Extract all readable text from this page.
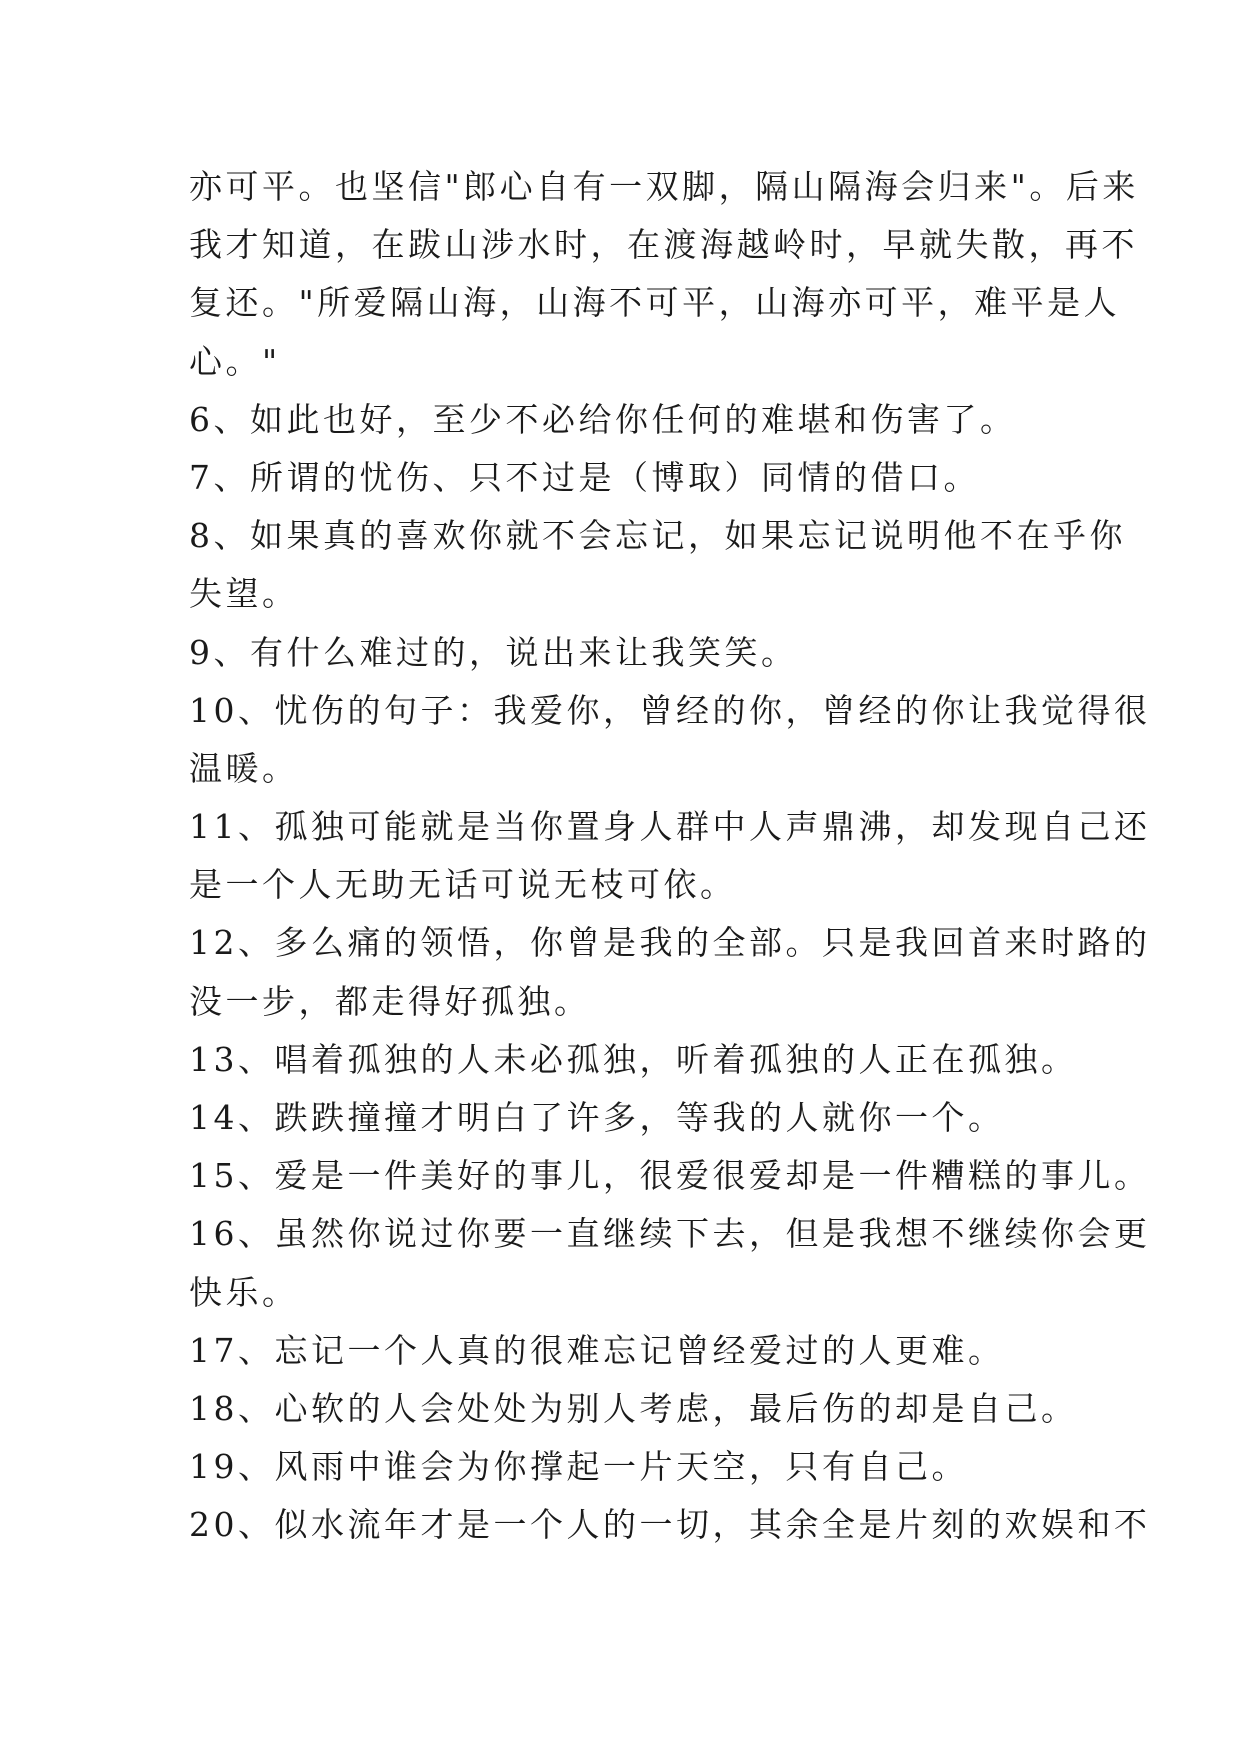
亦可平。也坚信"郎心自有一双脚，隔山隔海会归来"。后来
我才知道，在跋山涉水时，在渡海越岭时，早就失散，再不
复还。"所爱隔山海，山海不可平，山海亦可平，难平是人
心。"
6、如此也好，至少不必给你任何的难堪和伤害了。
7、所谓的忧伤、只不过是（博取）同情的借口。
8、如果真的喜欢你就不会忘记，如果忘记说明他不在乎你
失望。
9、有什么难过的，说出来让我笑笑。
10、忧伤的句子：我爱你，曾经的你，曾经的你让我觉得很
温暖。
11、孤独可能就是当你置身人群中人声鼎沸，却发现自己还
是一个人无助无话可说无枝可依。
12、多么痛的领悟，你曾是我的全部。只是我回首来时路的
没一步，都走得好孤独。
13、唱着孤独的人未必孤独，听着孤独的人正在孤独。
14、跌跌撞撞才明白了许多，等我的人就你一个。
15、爱是一件美好的事儿，很爱很爱却是一件糟糕的事儿。
16、虽然你说过你要一直继续下去，但是我想不继续你会更
快乐。
17、忘记一个人真的很难忘记曾经爱过的人更难。
18、心软的人会处处为别人考虑，最后伤的却是自己。
19、风雨中谁会为你撑起一片天空，只有自己。
20、似水流年才是一个人的一切，其余全是片刻的欢娱和不
